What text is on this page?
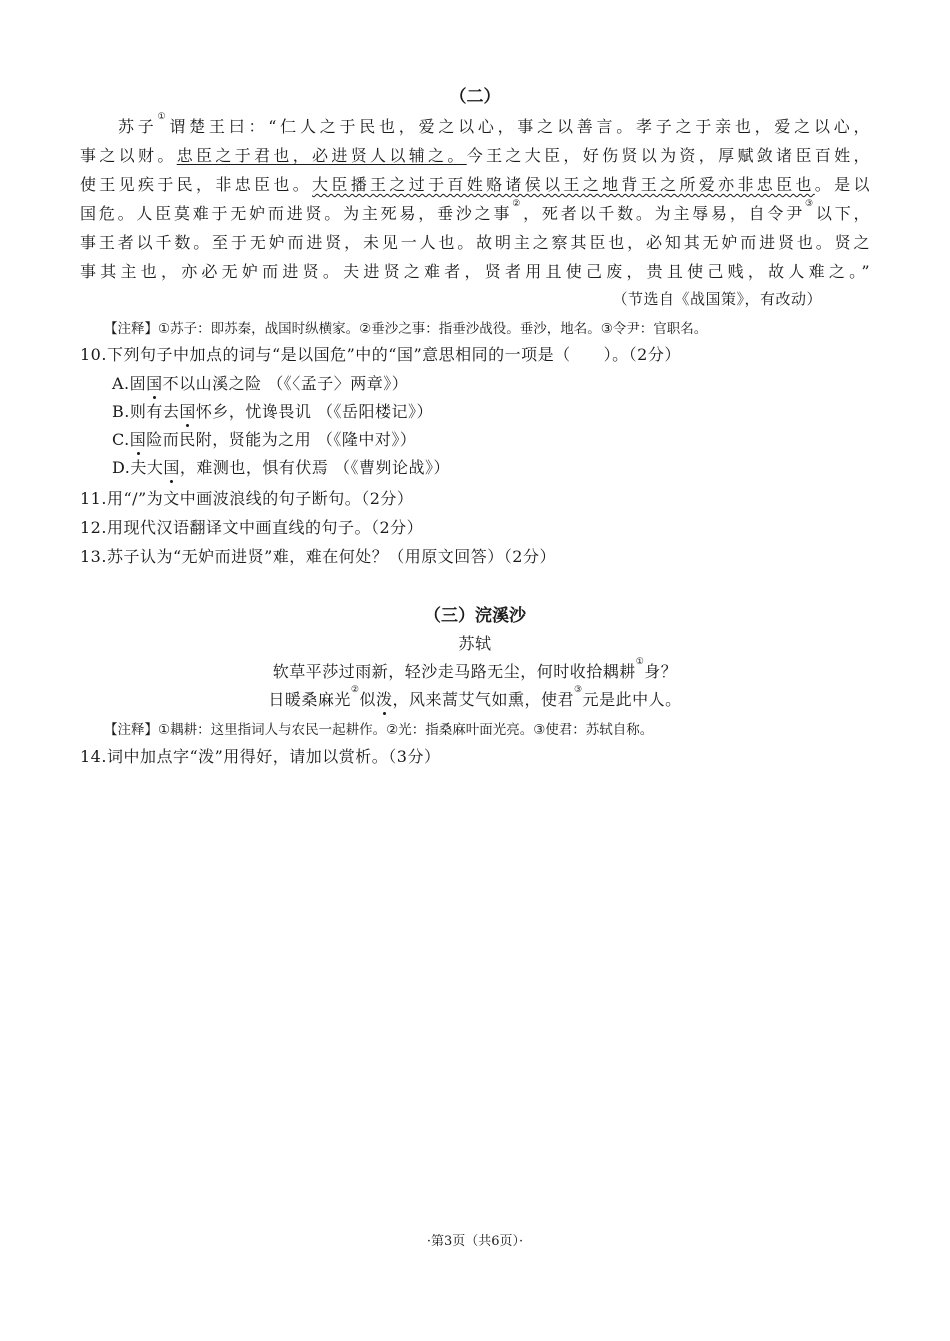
（二）
苏子①谓楚王曰：“仁人之于民也，爱之以心，事之以善言。孝子之于亲也，爱之以心，
事之以财。忠臣之于君也，必进贤人以辅之。今王之大臣，好伤贤以为资，厚赋敛诸臣百姓，
使王见疾于民，非忠臣也。大臣播王之过于百姓赂诸侯以王之地背王之所爱亦非忠臣也。是以
国危。人臣莫难于无妒而进贤。为主死易，垂沙之事②，死者以千数。为主辱易，自令尹③以下，
事王者以千数。至于无妒而进贤，未见一人也。故明主之察其臣也，必知其无妒而进贤也。贤之
事其主也，亦必无妒而进贤。夫进贤之难者，贤者用且使己废，贵且使己贱，故人难之。”
（节选自《战国策》，有改动）
【注释】①苏子：即苏秦，战国时纵横家。②垂沙之事：指垂沙战役。垂沙，地名。③令尹：官职名。
10.下列句子中加点的词与“是以国危”中的“国”意思相同的一项是（　　）。（2分）
A.固国不以山溪之险 （《〈孟子〉两章》）
B.则有去国怀乡，忧谗畏讥 （《岳阳楼记》）
C.国险而民附，贤能为之用 （《隆中对》）
D.夫大国，难测也，惧有伏焉 （《曹刿论战》）
11.用“/”为文中画波浪线的句子断句。（2分）
12.用现代汉语翻译文中画直线的句子。（2分）
13.苏子认为“无妒而进贤”难，难在何处？（用原文回答）（2分）
（三）浣溪沙
苏轼
软草平莎过雨新，轻沙走马路无尘，何时收拾耦耕①身？
日暖桑麻光②似泼，风来蒿艾气如熏，使君③元是此中人。
【注释】①耦耕：这里指词人与农民一起耕作。②光：指桑麻叶面光亮。③使君：苏轼自称。
14.词中加点字“泼”用得好，请加以赏析。（3分）
·第3页（共6页）·
